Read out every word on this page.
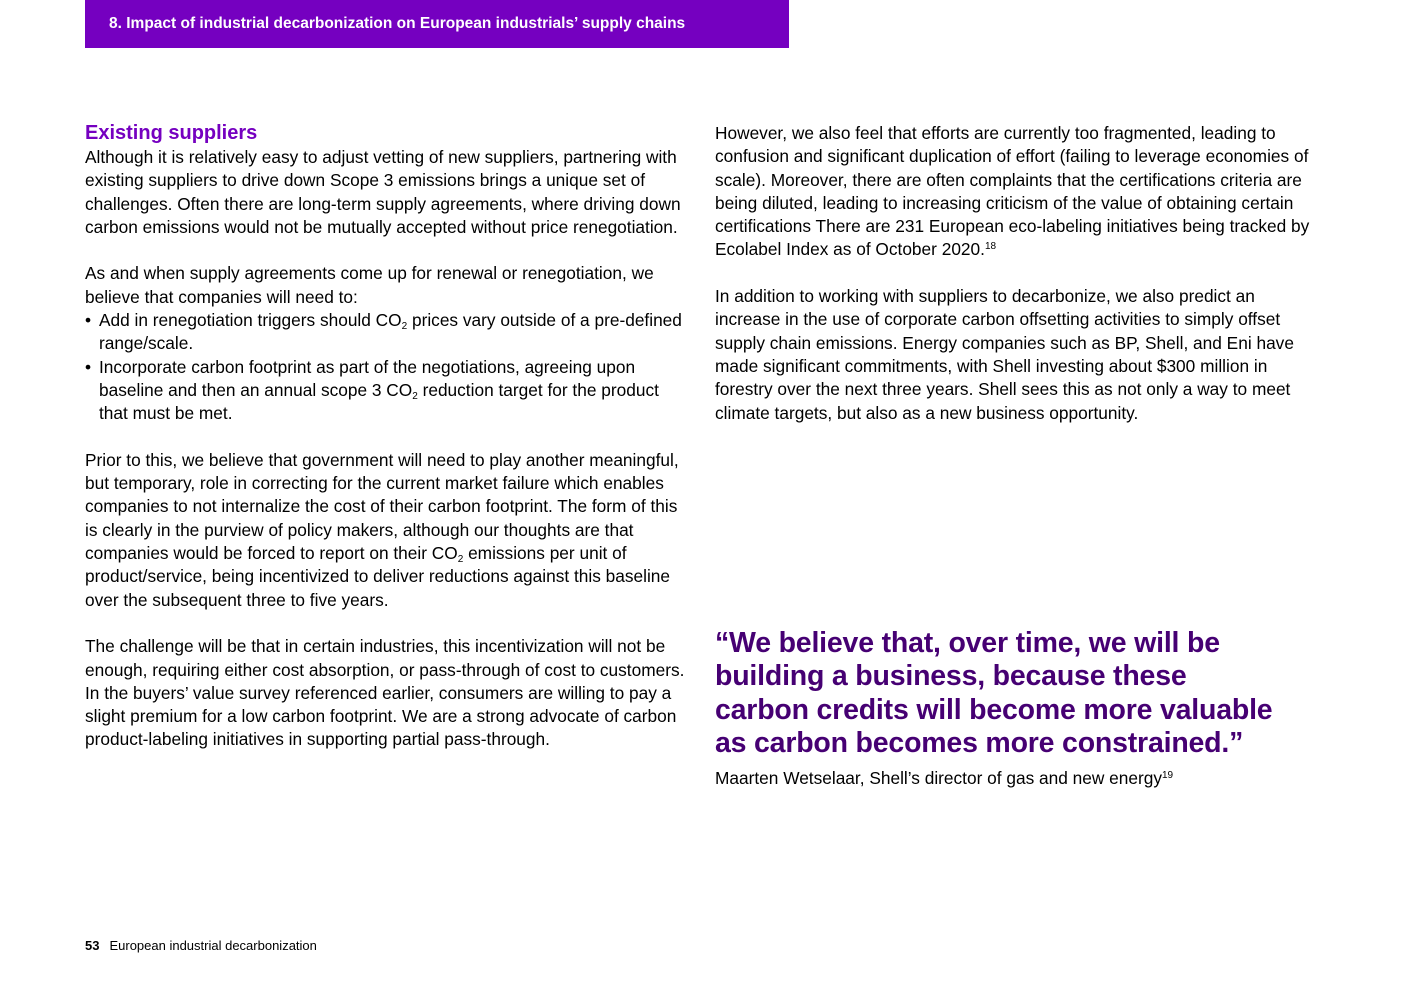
8. Impact of industrial decarbonization on European industrials’ supply chains
Existing suppliers

Although it is relatively easy to adjust vetting of new suppliers, partnering with existing suppliers to drive down Scope 3 emissions brings a unique set of challenges. Often there are long-term supply agreements, where driving down carbon emissions would not be mutually accepted without price renegotiation.

As and when supply agreements come up for renewal or renegotiation, we believe that companies will need to:

• Add in renegotiation triggers should $CO_2$ prices vary outside of a pre-defined range/scale.
• Incorporate carbon footprint as part of the negotiations, agreeing upon baseline and then an annual scope 3 $CO_2$ reduction target for the product that must be met.

Prior to this, we believe that government will need to play another meaningful, but temporary, role in correcting for the current market failure which enables companies to not internalize the cost of their carbon footprint. The form of this is clearly in the purview of policy makers, although our thoughts are that companies would be forced to report on their $CO_2$ emissions per unit of product/service, being incentivized to deliver reductions against this baseline over the subsequent three to five years.

The challenge will be that in certain industries, this incentivization will not be enough, requiring either cost absorption, or pass-through of cost to customers. In the buyers’ value survey referenced earlier, consumers are willing to pay a slight premium for a low carbon footprint. We are a strong advocate of carbon product-labeling initiatives in supporting partial pass-through.

However, we also feel that efforts are currently too fragmented, leading to confusion and significant duplication of effort (failing to leverage economies of scale). Moreover, there are often complaints that the certifications criteria are being diluted, leading to increasing criticism of the value of obtaining certain certifications There are 231 European eco-labeling initiatives being tracked by Ecolabel Index as of October 2020.18

In addition to working with suppliers to decarbonize, we also predict an increase in the use of corporate carbon offsetting activities to simply offset supply chain emissions. Energy companies such as BP, Shell, and Eni have made significant commitments, with Shell investing about $300 million in forestry over the next three years. Shell sees this as not only a way to meet climate targets, but also as a new business opportunity.

“We believe that, over time, we will be building a business, because these carbon credits will become more valuable as carbon becomes more constrained.”

Maarten Wetselaar, Shell’s director of gas and new energy$^{19}$
53 European industrial decarbonization
